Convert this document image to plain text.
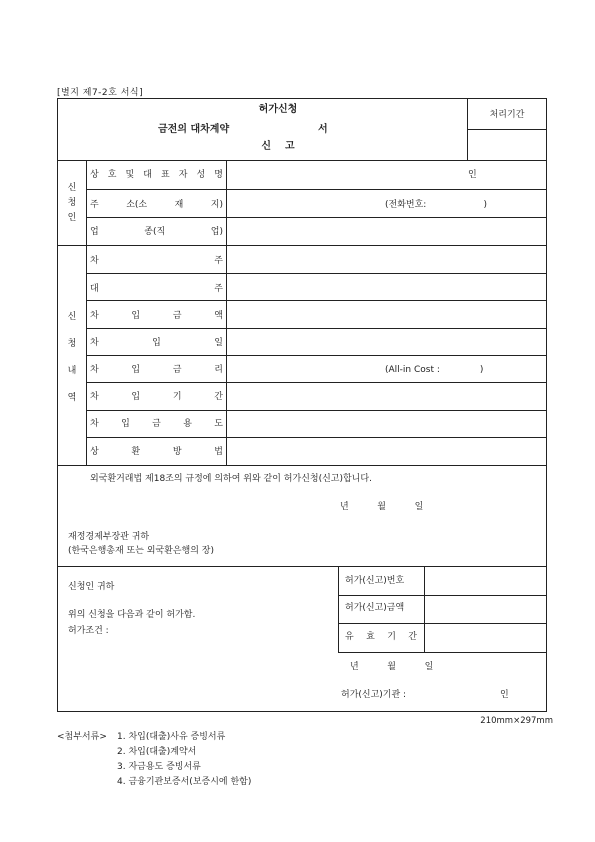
[별지 제7-2호 서식]
허가신청
금전의 대차계약	서
신    고
처리기간
신청인
상 호 및 대 표 자 성 명	인
주	소(소	재	지)	(전화번호:                    )
업	종(직	업)
신
청
내
역
차	주
대	주
차	입	금	액
차	입	일
차	입	금	리	(All-in Cost :              )
차	입	기	간
차 입 금 용 도
상	환	방	법
외국환거래법 제18조의 규정에 의하여 위와 같이 허가신청(신고)합니다.
년          월          일
재정경제부장관 귀하
(한국은행총재 또는 외국환은행의 장)
신청인 귀하
위의 신청을 다음과 같이 허가함.
허가조건 :
허가(신고)번호
허가(신고)금액
유 효 기 간
년          월          일
허가(신고)기관 :	인
210mm×297mm
<첨부서류>	1. 차입(대출)사유 증빙서류
2. 차입(대출)계약서
3. 자금용도 증빙서류
4. 금융기관보증서(보증시에 한함)
